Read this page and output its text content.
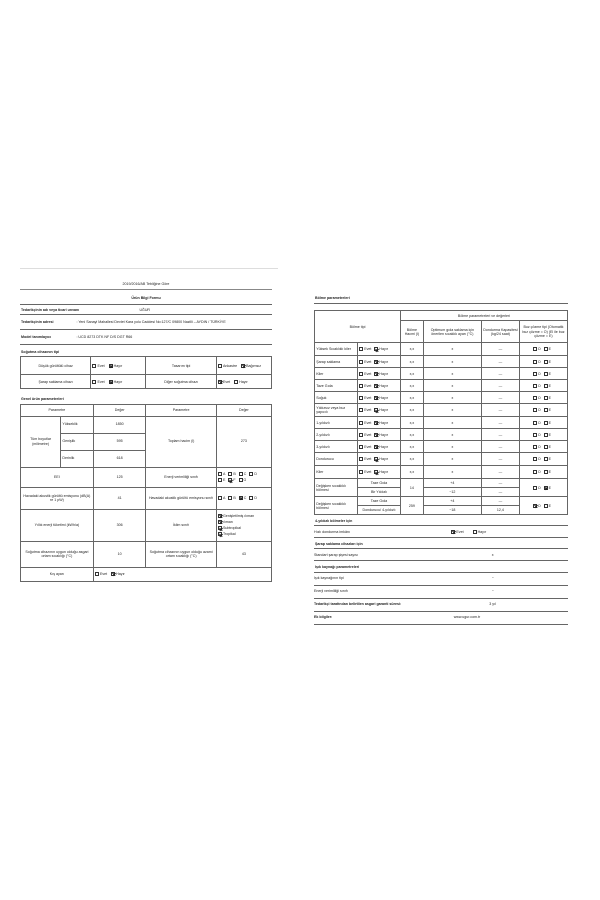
2019/2016/AB Tebliğine Göre
Ürün Bilgi Formu
Tedarikçinin adı veya ticari unvanı	UĞUR
Tedarikçinin adresi	: Yeni Sanayi Mahallesi Devlet Kara yolu Caddesi No:127/C 09800 Nazilli – AYDIN / TÜRKİYE
Model tanımlayıcı	: UCD 8273 DTK NF D/S DGT R66
Soğutma cihazının tipi
Düşük gürültülü cihaz	Evet Hayır	Tasarım tipi	Ankastre Bağımsız
Şarap saklama cihazı	Evet Hayır	Diğer soğutma cihazı	Evet Hayır
Genel ürün parametreleri
Parametre		Değer	Parametre	Değer
Tüm boyutlar (milimetre)	Yükseklik	1850	Toplam hacim (l)	273
	Genişlik	595		
	Derinlik	618		
EEI		125	Enerji verimliliği sınıfı	A B C D
E F G
Havadaki akustik gürültü emisyonu (dB(A) re 1 pW)		41	Havadaki akustik gürültü emisyonu sınıfı	A B C D
Yıllık enerji tüketimi (kWh/a)		306	İklim sınıfı	Genişletilmiş ılıman
ılıman
Subtropikal
Tropikal

Soğutma cihazının uygun olduğu asgari ortam sıcaklığı (°C)		10	Soğutma cihazının uygun olduğu azami ortam sıcaklığı (°C)	43
Kış ayarı		Evet Hayır		
Bölme parametreleri
Bölme tipi		Bölme parametreleri ve değerleri			
		Bölme Hacmi (l)	Optimum gıda saklama için önerilen sıcaklık ayarı (°C)	Dondurma Kapasitesi (kg/24 saat)	Buz çözme tipi (Otomatik buz çözme = O) (El ile buz çözme = E)
Yüksek Sıcaklıklı kiler	Evet Hayır	x,x	x	—	O E
Şarap saklama	Evet Hayır	x,x	x	—	O E
Kiler	Evet Hayır	x,x	x	—	O E
Taze Gıda	Evet Hayır	x,x	x	—	O E
Soğuk	Evet Hayır	x,x	x	—	O E
Yıldızsız veya buz yapıcılı	Evet Hayır	x,x	x	—	O E
1-yıldızlı	Evet Hayır	x,x	x	—	O E
2-yıldızlı	Evet Hayır	x,x	x	—	O E
3-yıldızlı	Evet Hayır	x,x	x	—	O E
Dondurucu	Evet Hayır	x,x	x	—	O E
Kiler	Evet Hayır	x,x	x	—	O E
Değişken sıcaklıklı bölmesi	Taze Gıda	14	+4	—	O E
	Bir Yıldızlı		−12	—	
Değişken sıcaklıklı bölmesi	Taze Gıda	259	+4	—	O E
	Dondurucu/ 4-yıldızlı		−18	12,4	
4-yıldızlı bölmeler için
Hızlı dondurma imkânı	Evet	Hayır
Şarap saklama cihazları için
Standart şarap şişesi sayısı	x
Işık kaynağı parametreleri
Işık kaynağının tipi	−
Enerji verimliliği sınıfı	−
Tedarikçi tarafından belirtilen asgari garanti süresi:	3 yıl
Ek bilgiler:	www.ugur.com.tr
